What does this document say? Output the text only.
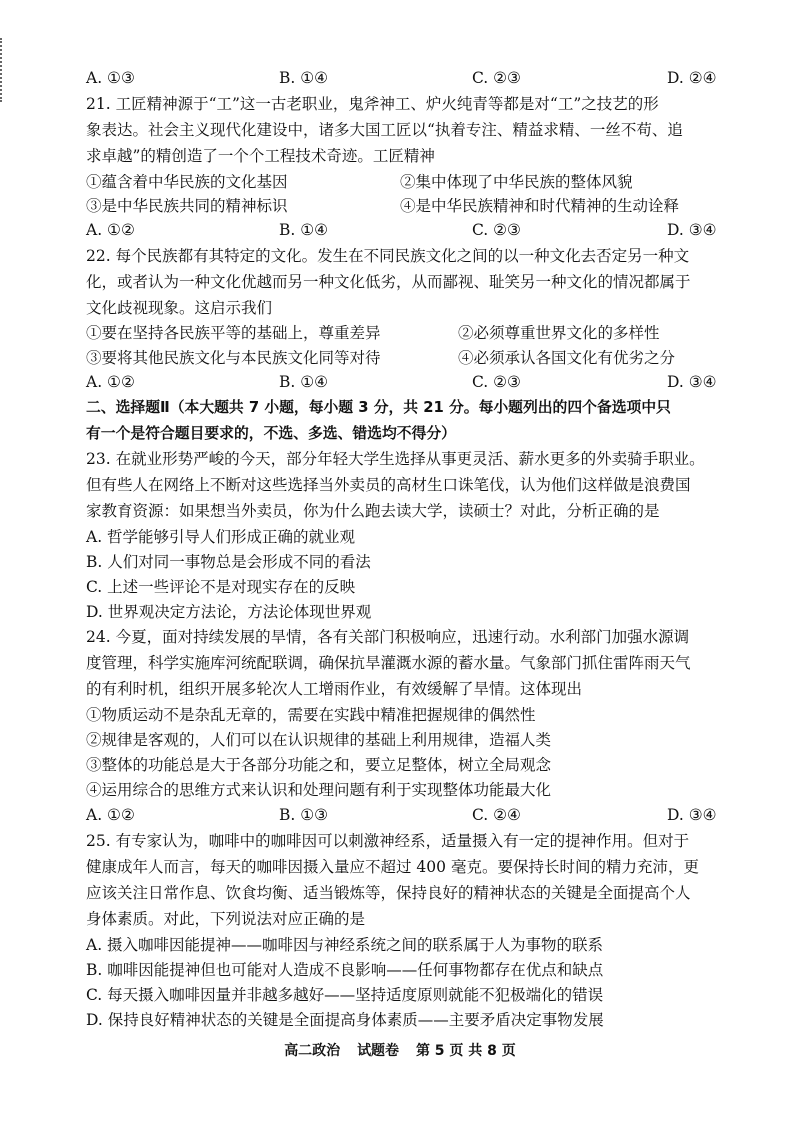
A. ①③	B. ①④	C. ②③	D. ②④
21. 工匠精神源于“工”这一古老职业，鬼斧神工、炉火纯青等都是对“工”之技艺的形
象表达。社会主义现代化建设中，诸多大国工匠以“执着专注、精益求精、一丝不苟、追
求卓越”的精创造了一个个工程技术奇迹。工匠精神
①蕴含着中华民族的文化基因	②集中体现了中华民族的整体风貌
③是中华民族共同的精神标识	④是中华民族精神和时代精神的生动诠释
A. ①②	B. ①④	C. ②③	D. ③④
22. 每个民族都有其特定的文化。发生在不同民族文化之间的以一种文化去否定另一种文
化，或者认为一种文化优越而另一种文化低劣，从而鄙视、耻笑另一种文化的情况都属于
文化歧视现象。这启示我们
①要在坚持各民族平等的基础上，尊重差异	②必须尊重世界文化的多样性
③要将其他民族文化与本民族文化同等对待	④必须承认各国文化有优劣之分
A. ①②	B. ①④	C. ②③	D. ③④
二、选择题Ⅱ（本大题共 7 小题，每小题 3 分，共 21 分。每小题列出的四个备选项中只
有一个是符合题目要求的，不选、多选、错选均不得分）
23. 在就业形势严峻的今天，部分年轻大学生选择从事更灵活、薪水更多的外卖骑手职业。
但有些人在网络上不断对这些选择当外卖员的高材生口诛笔伐，认为他们这样做是浪费国
家教育资源：如果想当外卖员，你为什么跑去读大学，读硕士？对此，分析正确的是
A. 哲学能够引导人们形成正确的就业观
B. 人们对同一事物总是会形成不同的看法
C. 上述一些评论不是对现实存在的反映
D. 世界观决定方法论，方法论体现世界观
24. 今夏，面对持续发展的旱情，各有关部门积极响应，迅速行动。水利部门加强水源调
度管理，科学实施库河统配联调，确保抗旱灌溉水源的蓄水量。气象部门抓住雷阵雨天气
的有利时机，组织开展多轮次人工增雨作业，有效缓解了旱情。这体现出
①物质运动不是杂乱无章的，需要在实践中精准把握规律的偶然性
②规律是客观的，人们可以在认识规律的基础上利用规律，造福人类
③整体的功能总是大于各部分功能之和，要立足整体，树立全局观念
④运用综合的思维方式来认识和处理问题有利于实现整体功能最大化
A. ①②	B. ①③	C. ②④	D. ③④
25. 有专家认为，咖啡中的咖啡因可以刺激神经系，适量摄入有一定的提神作用。但对于
健康成年人而言，每天的咖啡因摄入量应不超过 400 毫克。要保持长时间的精力充沛，更
应该关注日常作息、饮食均衡、适当锻炼等，保持良好的精神状态的关键是全面提高个人
身体素质。对此，下列说法对应正确的是
A. 摄入咖啡因能提神——咖啡因与神经系统之间的联系属于人为事物的联系
B. 咖啡因能提神但也可能对人造成不良影响——任何事物都存在优点和缺点
C. 每天摄入咖啡因量并非越多越好——坚持适度原则就能不犯极端化的错误
D. 保持良好精神状态的关键是全面提高身体素质——主要矛盾决定事物发展
高二政治 试题卷 第 5 页 共 8 页
